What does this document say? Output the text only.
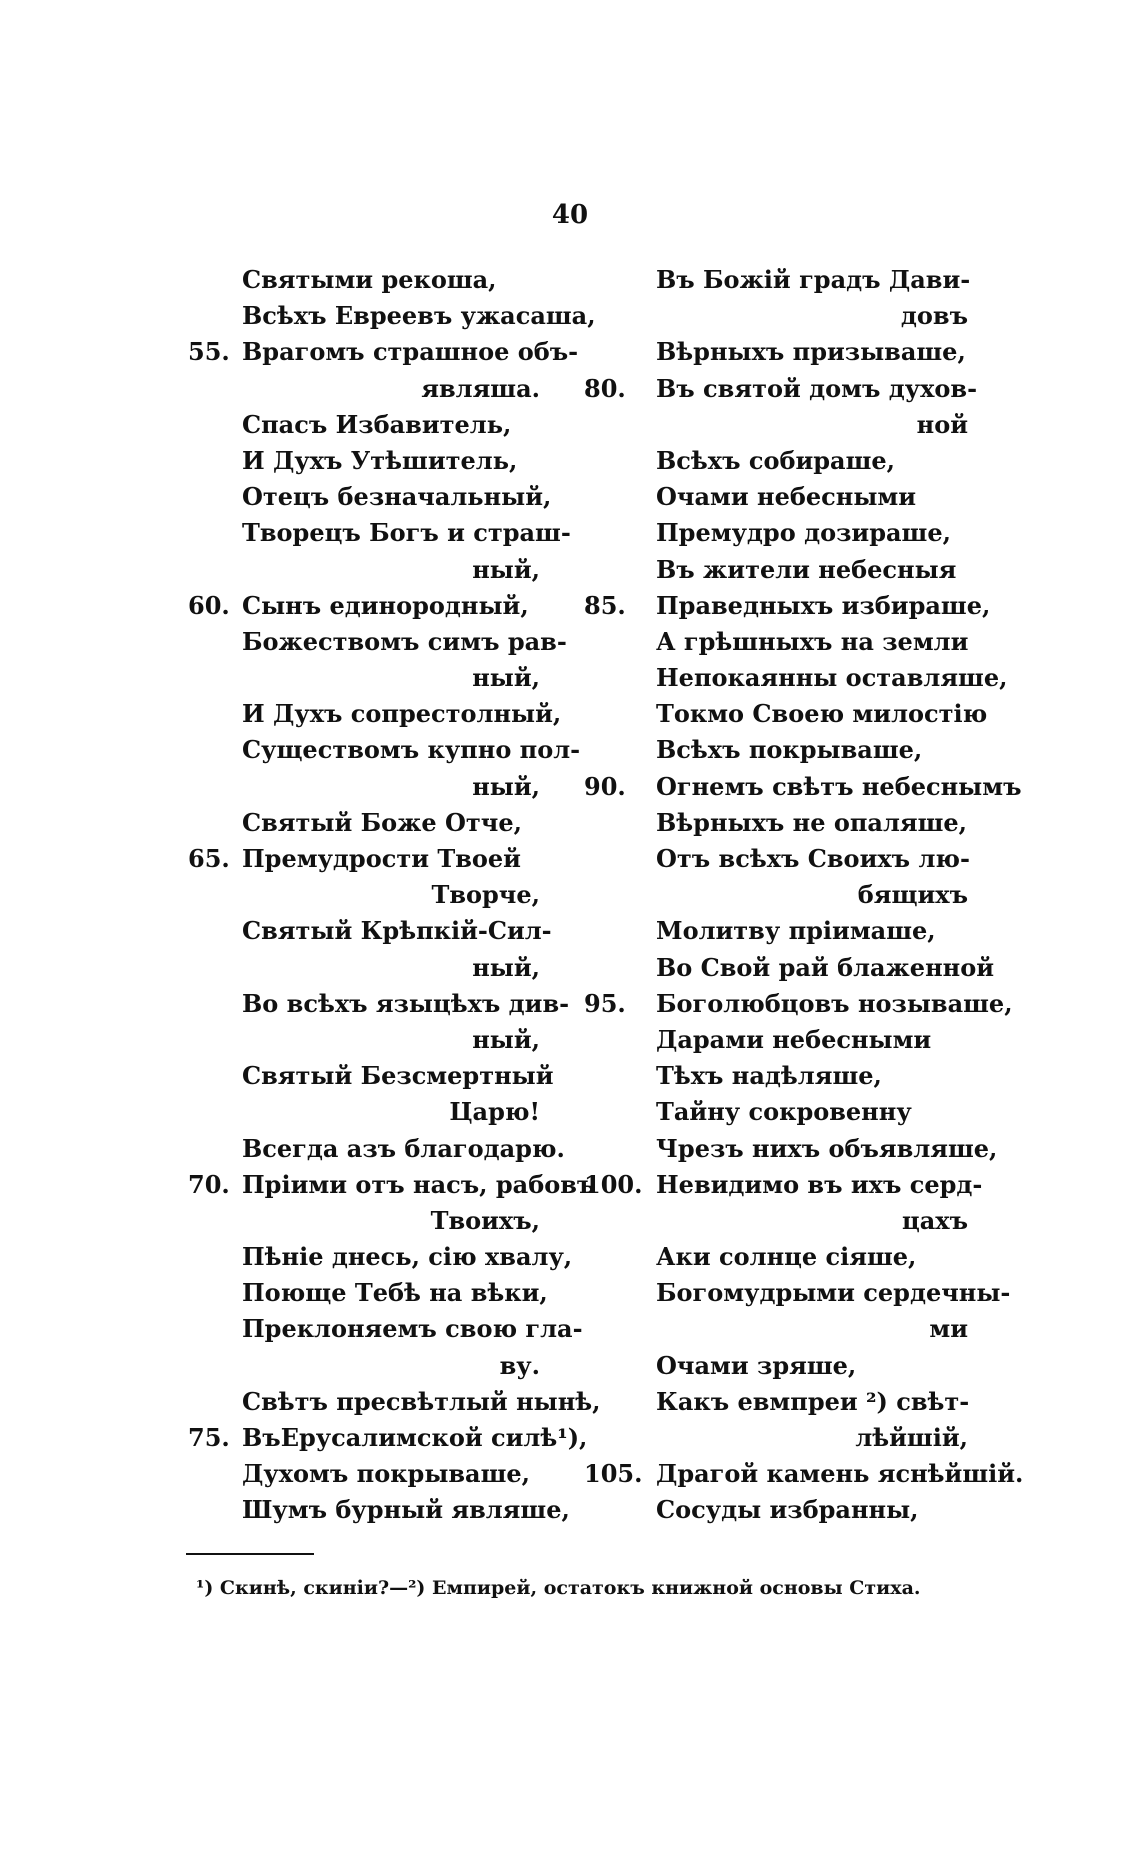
40
Святыми рекоша,
Всѣхъ Евреевъ ужасаша,
55. Врагомъ страшное объ-
являша.
Спасъ Избавитель,
И Духъ Утѣшитель,
Отецъ безначальный,
Творецъ Богъ и страш-
ный,
60. Сынъ единородный,
Божествомъ симъ рав-
ный,
И Духъ сопрестолный,
Существомъ купно пол-
ный,
Святый Боже Отче,
65. Премудрости Твоей
Творче,
Святый Крѣпкій-Сил-
ный,
Во всѣхъ языцѣхъ див-
ный,
Святый Безсмертный
Царю!
Всегда азъ благодарю.
70. Пріими отъ насъ, рабовъ
Твоихъ,
Пѣніе днесь, сію хвалу,
Поюще Тебѣ на вѣки,
Преклоняемъ свою гла-
ву.
Свѣтъ пресвѣтлый нынѣ,
75. ВъЕрусалимской силѣ¹),
Духомъ покрываше,
Шумъ бурный являше,
Въ Божій градъ Дави-
довъ
Вѣрныхъ призываше,
80. Въ святой домъ духов-
ной
Всѣхъ собираше,
Очами небесными
Премудро дозираше,
Въ жители небесныя
85. Праведныхъ избираше,
А грѣшныхъ на земли
Непокаянны оставляше,
Токмо Своею милостію
Всѣхъ покрываше,
90. Огнемъ свѣтъ небеснымъ
Вѣрныхъ не опаляше,
Отъ всѣхъ Своихъ лю-
бящихъ
Молитву пріимаше,
Во Свой рай блаженной
95. Боголюбцовъ нозываше,
Дарами небесными
Тѣхъ надѣляше,
Тайну сокровенну
Чрезъ нихъ объявляше,
100. Невидимо въ ихъ серд-
цахъ
Аки солнце сіяше,
Богомудрыми сердечны-
ми
Очами зряше,
Какъ евмпреи ²) свѣт-
лѣйшій,
105. Драгой камень яснѣйшій.
Сосуды избранны,
¹) Скинѣ, скиніи?—²) Емпирей, остатокъ книжной основы Стиха.
